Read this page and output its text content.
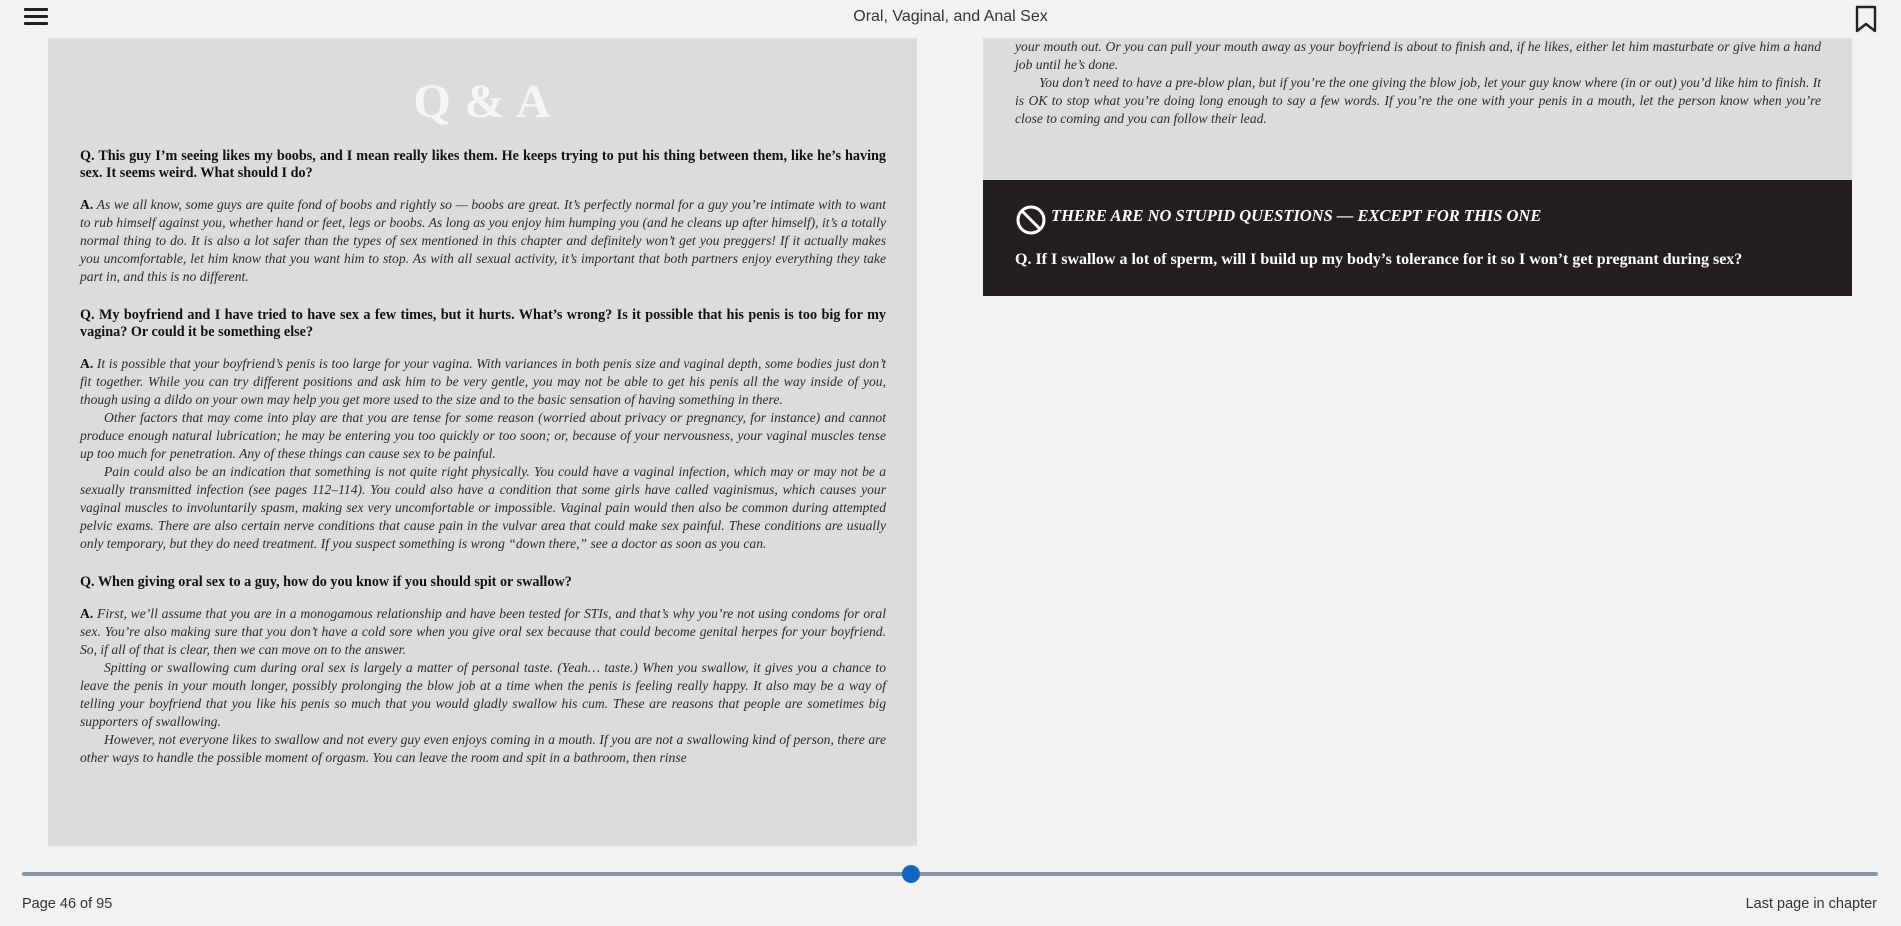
Oral, Vaginal, and Anal Sex
Q & A

Q. This guy I’m seeing likes my boobs, and I mean really likes them. He keeps trying to put his thing between them, like he’s having sex. It seems weird. What should I do?

A. As we all know, some guys are quite fond of boobs and rightly so — boobs are great. It’s perfectly normal for a guy you’re intimate with to want to rub himself against you, whether hand or feet, legs or boobs. As long as you enjoy him humping you (and he cleans up after himself), it’s a totally normal thing to do. It is also a lot safer than the types of sex mentioned in this chapter and definitely won’t get you preggers! If it actually makes you uncomfortable, let him know that you want him to stop. As with all sexual activity, it’s important that both partners enjoy everything they take part in, and this is no different.

Q. My boyfriend and I have tried to have sex a few times, but it hurts. What’s wrong? Is it possible that his penis is too big for my vagina? Or could it be something else?

A. It is possible that your boyfriend’s penis is too large for your vagina. With variances in both penis size and vaginal depth, some bodies just don’t fit together. While you can try different positions and ask him to be very gentle, you may not be able to get his penis all the way inside of you, though using a dildo on your own may help you get more used to the size and to the basic sensation of having something in there.

Other factors that may come into play are that you are tense for some reason (worried about privacy or pregnancy, for instance) and cannot produce enough natural lubrication; he may be entering you too quickly or too soon; or, because of your nervousness, your vaginal muscles tense up too much for penetration. Any of these things can cause sex to be painful.

Pain could also be an indication that something is not quite right physically. You could have a vaginal infection, which may or may not be a sexually transmitted infection (see pages 112–114). You could also have a condition that some girls have called vaginismus, which causes your vaginal muscles to involuntarily spasm, making sex very uncomfortable or impossible. Vaginal pain would then also be common during attempted pelvic exams. There are also certain nerve conditions that cause pain in the vulvar area that could make sex painful. These conditions are usually only temporary, but they do need treatment. If you suspect something is wrong “down there,” see a doctor as soon as you can.

Q. When giving oral sex to a guy, how do you know if you should spit or swallow?

A. First, we’ll assume that you are in a monogamous relationship and have been tested for STIs, and that’s why you’re not using condoms for oral sex. You’re also making sure that you don’t have a cold sore when you give oral sex because that could become genital herpes for your boyfriend. So, if all of that is clear, then we can move on to the answer.

Spitting or swallowing cum during oral sex is largely a matter of personal taste. (Yeah… taste.) When you swallow, it gives you a chance to leave the penis in your mouth longer, possibly prolonging the blow job at a time when the penis is feeling really happy. It also may be a way of telling your boyfriend that you like his penis so much that you would gladly swallow his cum. These are reasons that people are sometimes big supporters of swallowing.

However, not everyone likes to swallow and not every guy even enjoys coming in a mouth. If you are not a swallowing kind of person, there are other ways to handle the possible moment of orgasm. You can leave the room and spit in a bathroom, then rinse

your mouth out. Or you can pull your mouth away as your boyfriend is about to finish and, if he likes, either let him masturbate or give him a hand job until he’s done.

You don’t need to have a pre-blow plan, but if you’re the one giving the blow job, let your guy know where (in or out) you’d like him to finish. It is OK to stop what you’re doing long enough to say a few words. If you’re the one with your penis in a mouth, let the person know when you’re close to coming and you can follow their lead.

THERE ARE NO STUPID QUESTIONS — EXCEPT FOR THIS ONE
Q. If I swallow a lot of sperm, will I build up my body’s tolerance for it so I won’t get pregnant during sex?
Page 46 of 95	Last page in chapter
